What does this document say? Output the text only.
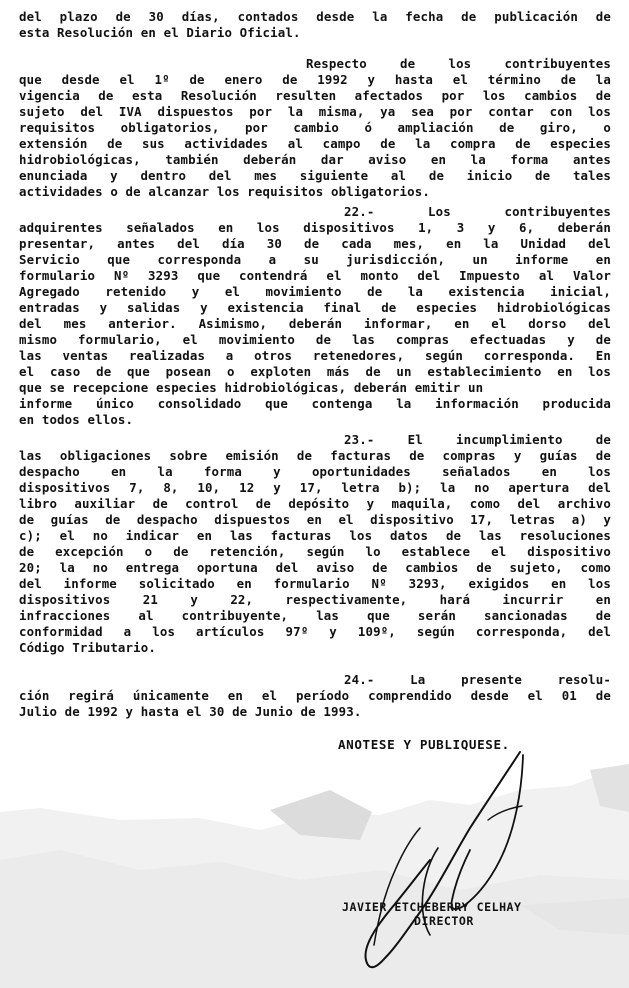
del plazo de 30 días, contados desde la fecha de publicación de
esta Resolución en el Diario Oficial.
Respecto de los contribuyentes
que desde el 1º de enero de 1992 y hasta el término de la
vigencia de esta Resolución resulten afectados por los cambios de
sujeto del IVA dispuestos por la misma, ya sea por contar con los
requisitos obligatorios, por cambio ó ampliación de giro, o
extensión de sus actividades al campo de la compra de especies
hidrobiológicas, también deberán dar aviso en la forma antes
enunciada y dentro del mes siguiente al de inicio de tales
actividades o de alcanzar los requisitos obligatorios.
22.- Los contribuyentes
adquirentes señalados en los dispositivos 1, 3 y 6, deberán
presentar, antes del día 30 de cada mes, en la Unidad del
Servicio que corresponda a su jurisdicción, un informe en
formulario Nº 3293 que contendrá el monto del Impuesto al Valor
Agregado retenido y el movimiento de la existencia inicial,
entradas y salidas y existencia final de especies hidrobiológicas
del mes anterior. Asimismo, deberán informar, en el dorso del
mismo formulario, el movimiento de las compras efectuadas y de
las ventas realizadas a otros retenedores, según corresponda. En
el caso de que posean o exploten más de un establecimiento en los
que se recepcione especies hidrobiológicas, deberán emitir un
informe único consolidado que contenga la información producida
en todos ellos.
23.- El incumplimiento de
las obligaciones sobre emisión de facturas de compras y guías de
despacho en la forma y oportunidades señalados en los
dispositivos 7, 8, 10, 12 y 17, letra b); la no apertura del
libro auxiliar de control de depósito y maquila, como del archivo
de guías de despacho dispuestos en el dispositivo 17, letras a) y
c); el no indicar en las facturas los datos de las resoluciones
de excepción o de retención, según lo establece el dispositivo
20; la no entrega oportuna del aviso de cambios de sujeto, como
del informe solicitado en formulario Nº 3293, exigidos en los
dispositivos 21 y 22, respectivamente, hará incurrir en
infracciones al contribuyente, las que serán sancionadas de
conformidad a los artículos 97º y 109º, según corresponda, del
Código Tributario.
24.- La presente resolu-
ción regirá únicamente en el período comprendido desde el 01 de
Julio de 1992 y hasta el 30 de Junio de 1993.
ANOTESE Y PUBLIQUESE.
JAVIER ETCHEBERRY CELHAY
DIRECTOR
